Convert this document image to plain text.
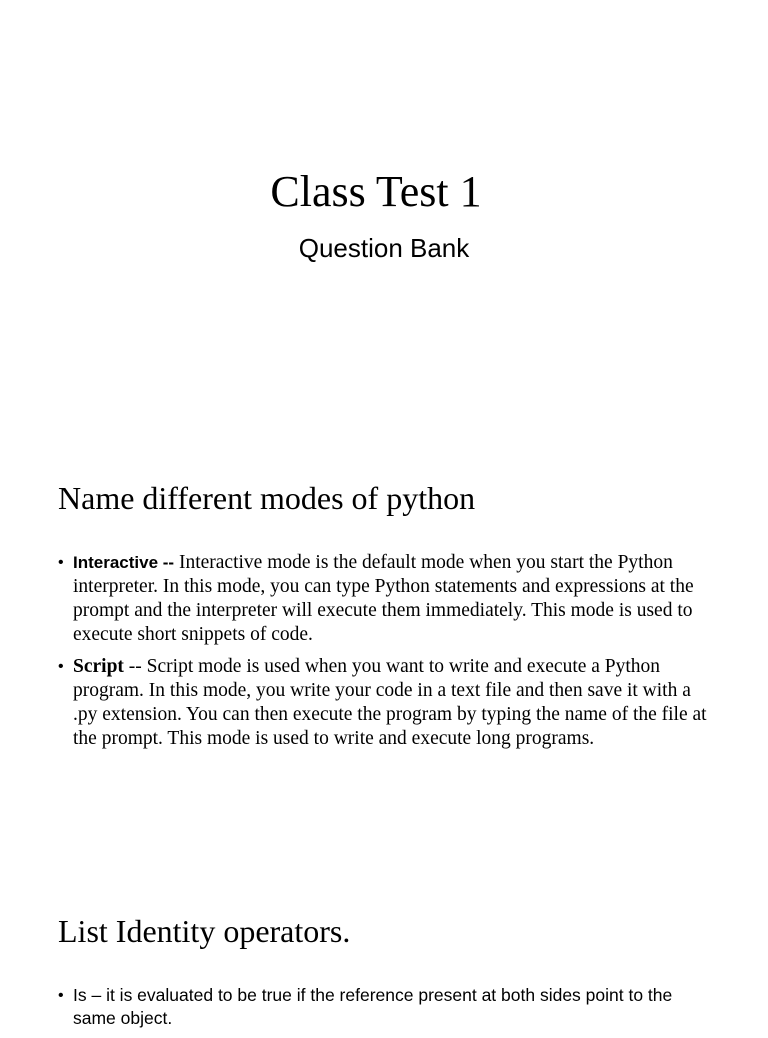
Class Test 1
Question Bank
Name different modes of python
• Interactive -- Interactive mode is the default mode when you start the Python interpreter. In this mode, you can type Python statements and expressions at the prompt and the interpreter will execute them immediately. This mode is used to execute short snippets of code.
• Script -- Script mode is used when you want to write and execute a Python program. In this mode, you write your code in a text file and then save it with a .py extension. You can then execute the program by typing the name of the file at the prompt. This mode is used to write and execute long programs.
List Identity operators.
• Is – it is evaluated to be true if the reference present at both sides point to the same object.
